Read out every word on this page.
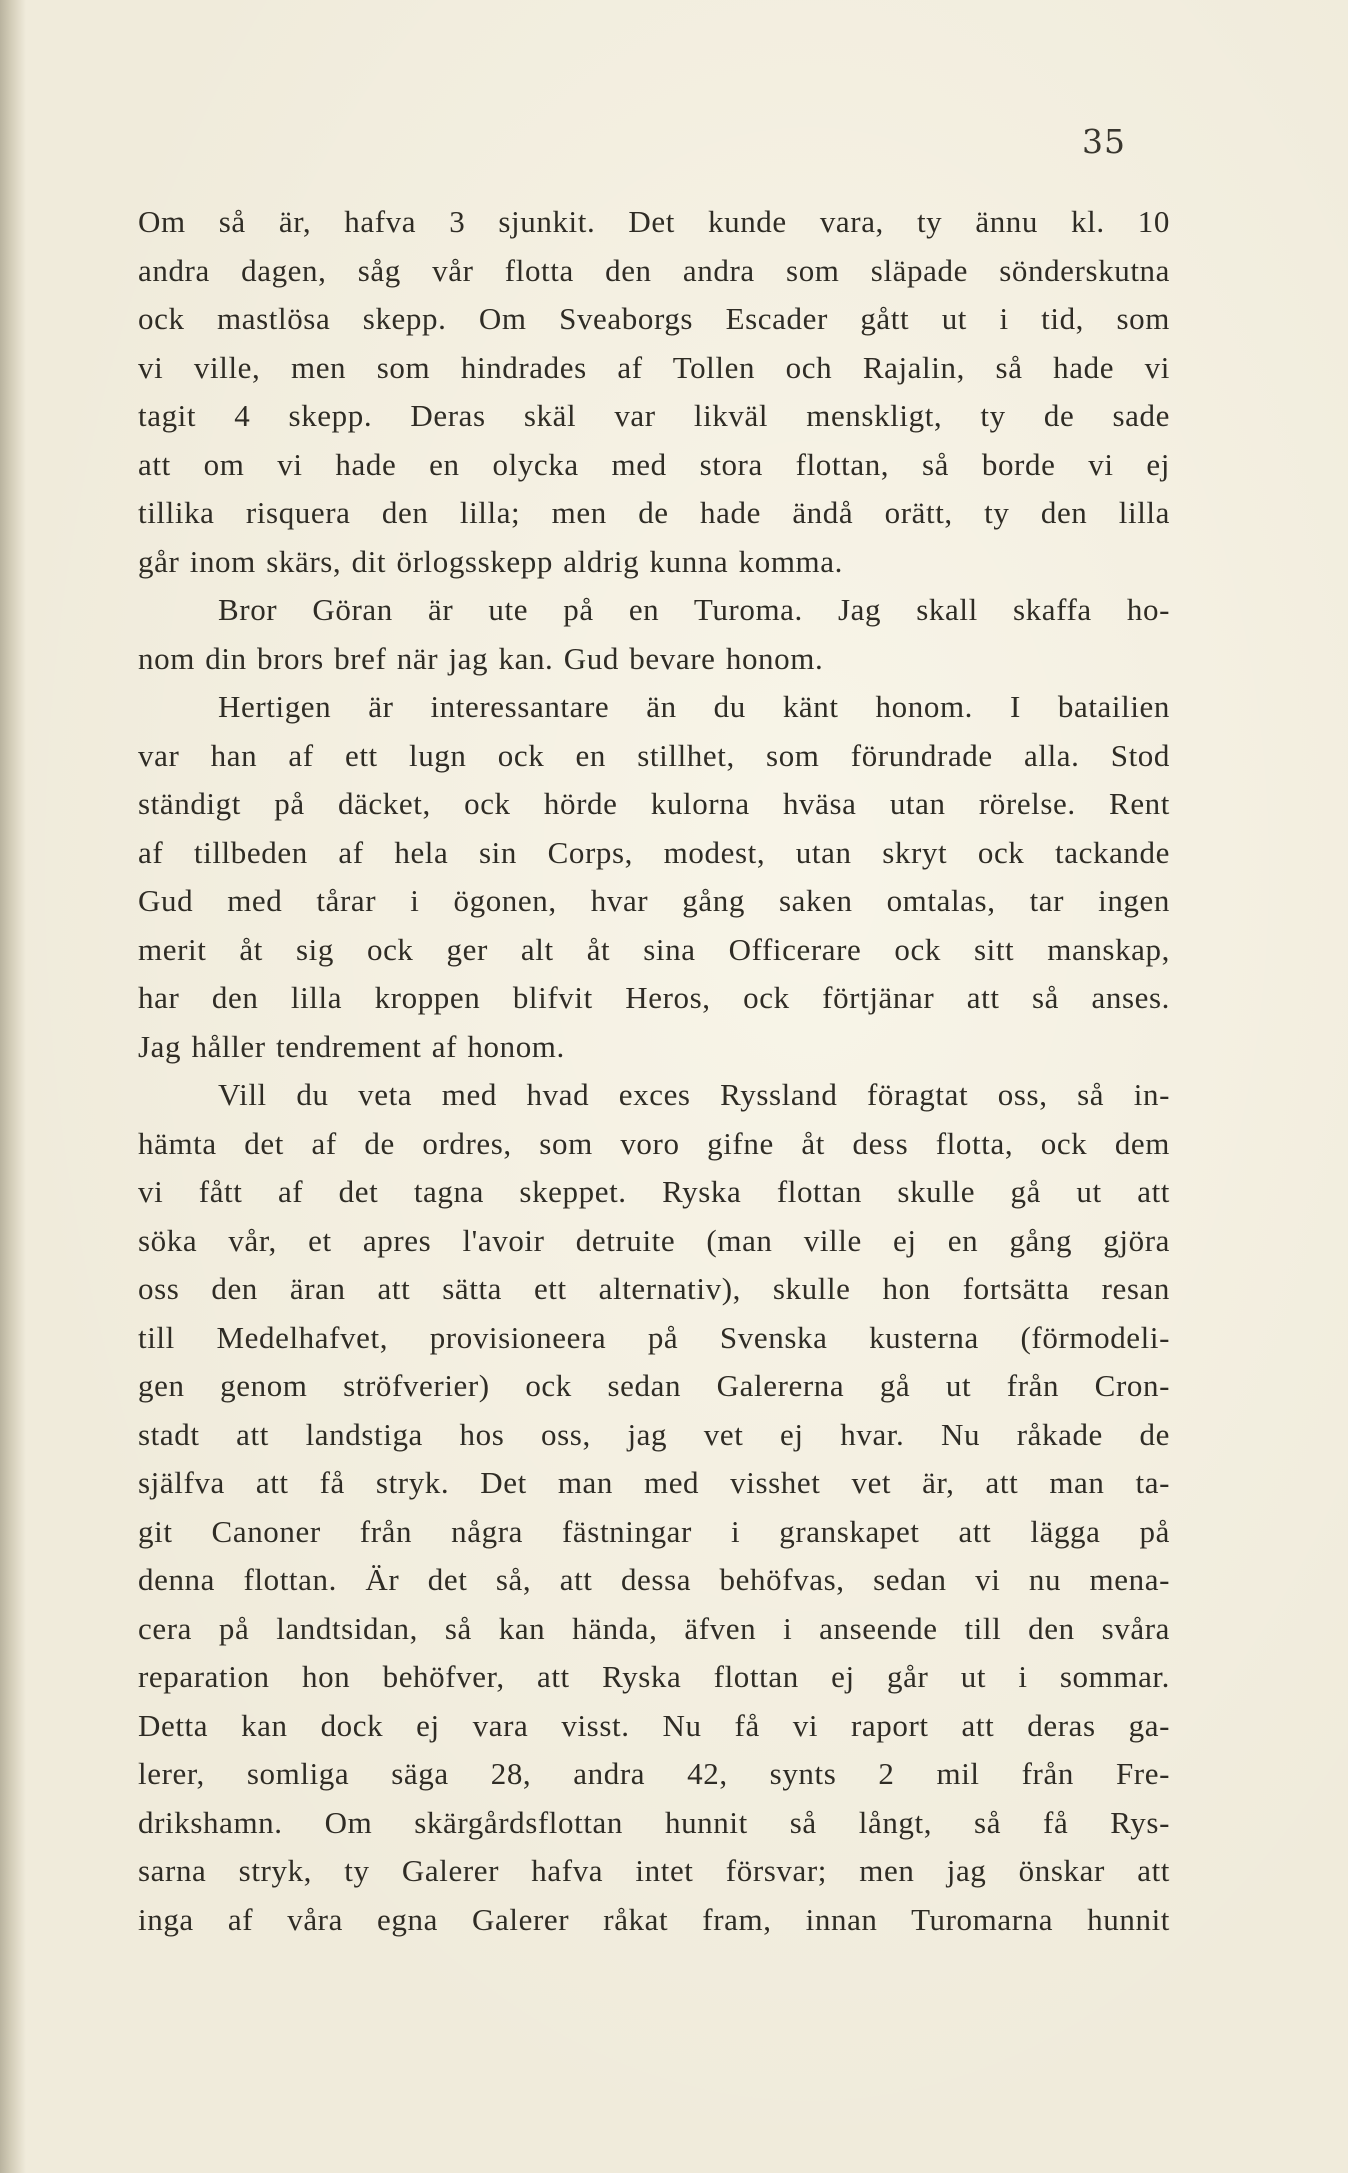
35
Om så är, hafva 3 sjunkit. Det kunde vara, ty ännu kl. 10
andra dagen, såg vår flotta den andra som släpade sönderskutna
ock mastlösa skepp. Om Sveaborgs Escader gått ut i tid, som
vi ville, men som hindrades af Tollen och Rajalin, så hade vi
tagit 4 skepp. Deras skäl var likväl menskligt, ty de sade
att om vi hade en olycka med stora flottan, så borde vi ej
tillika risquera den lilla; men de hade ändå orätt, ty den lilla
går inom skärs, dit örlogsskepp aldrig kunna komma.
Bror Göran är ute på en Turoma. Jag skall skaffa ho-
nom din brors bref när jag kan. Gud bevare honom.
Hertigen är interessantare än du känt honom. I batailien
var han af ett lugn ock en stillhet, som förundrade alla. Stod
ständigt på däcket, ock hörde kulorna hväsa utan rörelse. Rent
af tillbeden af hela sin Corps, modest, utan skryt ock tackande
Gud med tårar i ögonen, hvar gång saken omtalas, tar ingen
merit åt sig ock ger alt åt sina Officerare ock sitt manskap,
har den lilla kroppen blifvit Heros, ock förtjänar att så anses.
Jag håller tendrement af honom.
Vill du veta med hvad exces Ryssland föragtat oss, så in-
hämta det af de ordres, som voro gifne åt dess flotta, ock dem
vi fått af det tagna skeppet. Ryska flottan skulle gå ut att
söka vår, et apres l'avoir detruite (man ville ej en gång gjöra
oss den äran att sätta ett alternativ), skulle hon fortsätta resan
till Medelhafvet, provisioneera på Svenska kusterna (förmodeli-
gen genom ströfverier) ock sedan Galererna gå ut från Cron-
stadt att landstiga hos oss, jag vet ej hvar. Nu råkade de
själfva att få stryk. Det man med visshet vet är, att man ta-
git Canoner från några fästningar i granskapet att lägga på
denna flottan. Är det så, att dessa behöfvas, sedan vi nu mena-
cera på landtsidan, så kan hända, äfven i anseende till den svåra
reparation hon behöfver, att Ryska flottan ej går ut i sommar.
Detta kan dock ej vara visst. Nu få vi raport att deras ga-
lerer, somliga säga 28, andra 42, synts 2 mil från Fre-
drikshamn. Om skärgårdsflottan hunnit så långt, så få Rys-
sarna stryk, ty Galerer hafva intet försvar; men jag önskar att
inga af våra egna Galerer råkat fram, innan Turomarna hunnit
